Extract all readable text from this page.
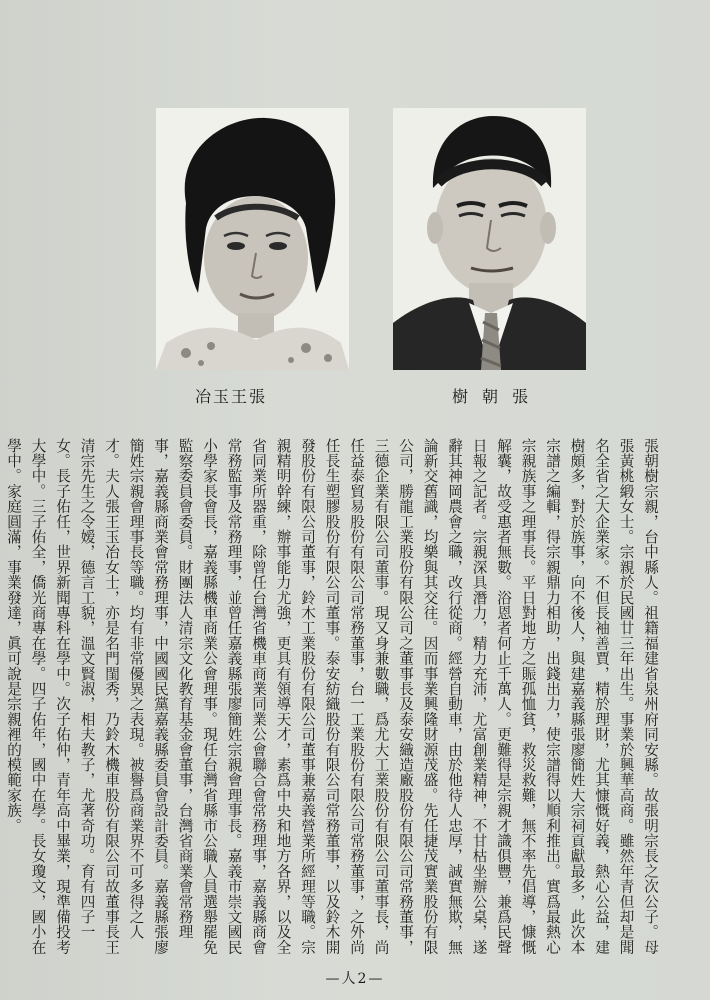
冶玉王張	樹朝張

張朝樹宗親，台中縣人。祖籍福建省泉州府同安縣。故張明宗長之次公子。母張黃桃緞女士。宗親於民國廿三年出生。事業於興華高商。雖然年青但却是聞名全省之大企業家。不但長袖善賈，精於理財，尤其慷慨好義，熱心公益，建樹頗多，對於族事，向不後人，與建嘉義縣張廖簡姓大宗祠貢獻最多，此次本宗譜之編輯，得宗親鼎力相助，出錢出力，使宗譜得以順利推出。實爲最熱心宗親族事之理事長。平日對地方之賑孤恤貧，救災救難，無不率先倡導，慷慨解囊，故受惠者無數。浴恩者何止千萬人。更難得是宗親才識俱豐，兼爲民聲日報之記者。宗親深具潛力，精力充沛，尤富創業精神，不甘枯坐辦公桌，遂辭其神岡農會之職，改行從商。經營自動車，由於他待人忠厚，誠實無欺，無論新交舊識，均樂與其交往。因而事業興隆財源茂盛。先任捷茂實業股份有限公司，勝龍工業股份有限公司之董事長及泰安織造廠股份有限公司常務董事，三德企業有限公司董事。現又身兼數職，爲尤大工業股份有限公司董事長，尚任益泰貿易股份有限公司常務董事，台一工業股份有限公司常務董事，之外尚任長生塑膠股份有限公司董事。泰安紡織股份有限公司常務董事，以及鈴木開發股份有限公司董事，鈴木工業股份有限公司董事兼嘉義營業所經理等職。宗親精明幹練，辦事能力尤強，更具有領導天才，素爲中央和地方各界，以及全省同業所器重，除曾任台灣省機車商業同業公會聯合會常務理事，嘉義縣商會常務監事及常務理事，並曾任嘉義縣張廖簡姓宗親會理事長。嘉義市崇文國民小學家長會長，嘉義縣機車商業公會理事。現任台灣省縣市公職人員選舉罷免監察委員會委員。財團法人清宗文化教育基金會董事，台灣省商業會常務理事，嘉義縣商業會常務理事，中國國民黨嘉義縣委員會設計委員。嘉義縣張廖簡姓宗親會理事長等職。均有非常優異之表現。被譽爲商業界不可多得之人才。夫人張王玉冶女士，亦是名門閨秀，乃鈴木機車股份有限公司故董事長王清宗先生之令嫒，德言工貌，溫文賢淑，相夫教子，尤著奇功。育有四子一女。長子佑任，世界新聞專科在學中。次子佑仲，青年高中畢業，現準備投考大學中。三子佑全，僑光商專在學。四子佑年，國中在學。長女瓊文，國小在學中。家庭圓滿，事業發達，眞可說是宗親裡的模範家族。

—人2—
